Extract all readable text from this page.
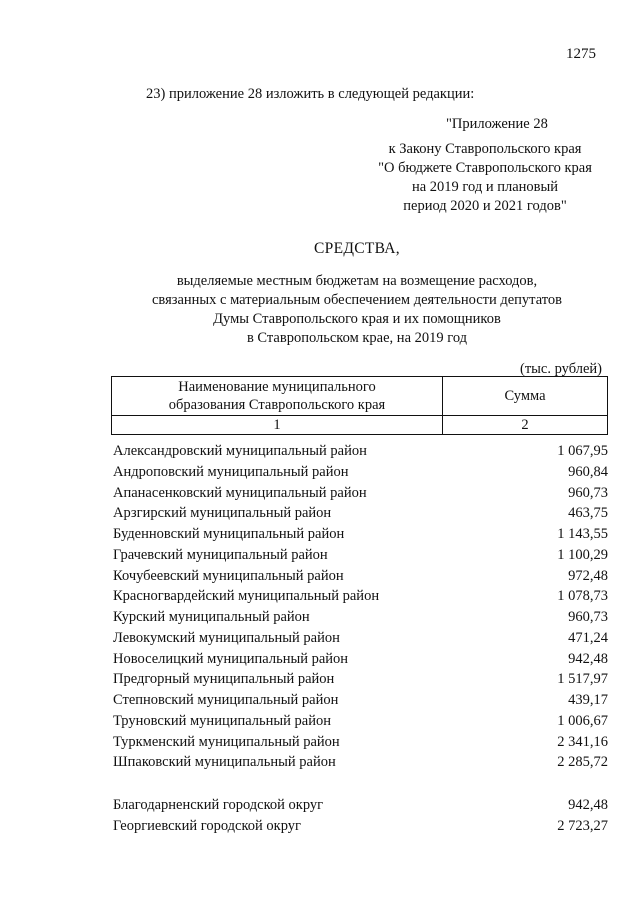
1275
23) приложение 28 изложить в следующей редакции:
"Приложение 28
к Закону Ставропольского края
"О бюджете Ставропольского края
на 2019 год и плановый
период 2020 и 2021 годов"
СРЕДСТВА,
выделяемые местным бюджетам на возмещение расходов,
связанных с материальным обеспечением деятельности депутатов
Думы Ставропольского края и их помощников
в Ставропольском крае, на 2019 год
(тыс. рублей)
Наименование муниципального
образования Ставропольского края	Сумма
1	2
Александровский муниципальный район	1 067,95
Андроповский муниципальный район	960,84
Апанасенковский муниципальный район	960,73
Арзгирский муниципальный район	463,75
Буденновский муниципальный район	1 143,55
Грачевский муниципальный район	1 100,29
Кочубеевский муниципальный район	972,48
Красногвардейский муниципальный район	1 078,73
Курский муниципальный район	960,73
Левокумский муниципальный район	471,24
Новоселицкий муниципальный район	942,48
Предгорный муниципальный район	1 517,97
Степновский муниципальный район	439,17
Труновский муниципальный район	1 006,67
Туркменский муниципальный район	2 341,16
Шпаковский муниципальный район	2 285,72
Благодарненский городской округ	942,48
Георгиевский городской округ	2 723,27
